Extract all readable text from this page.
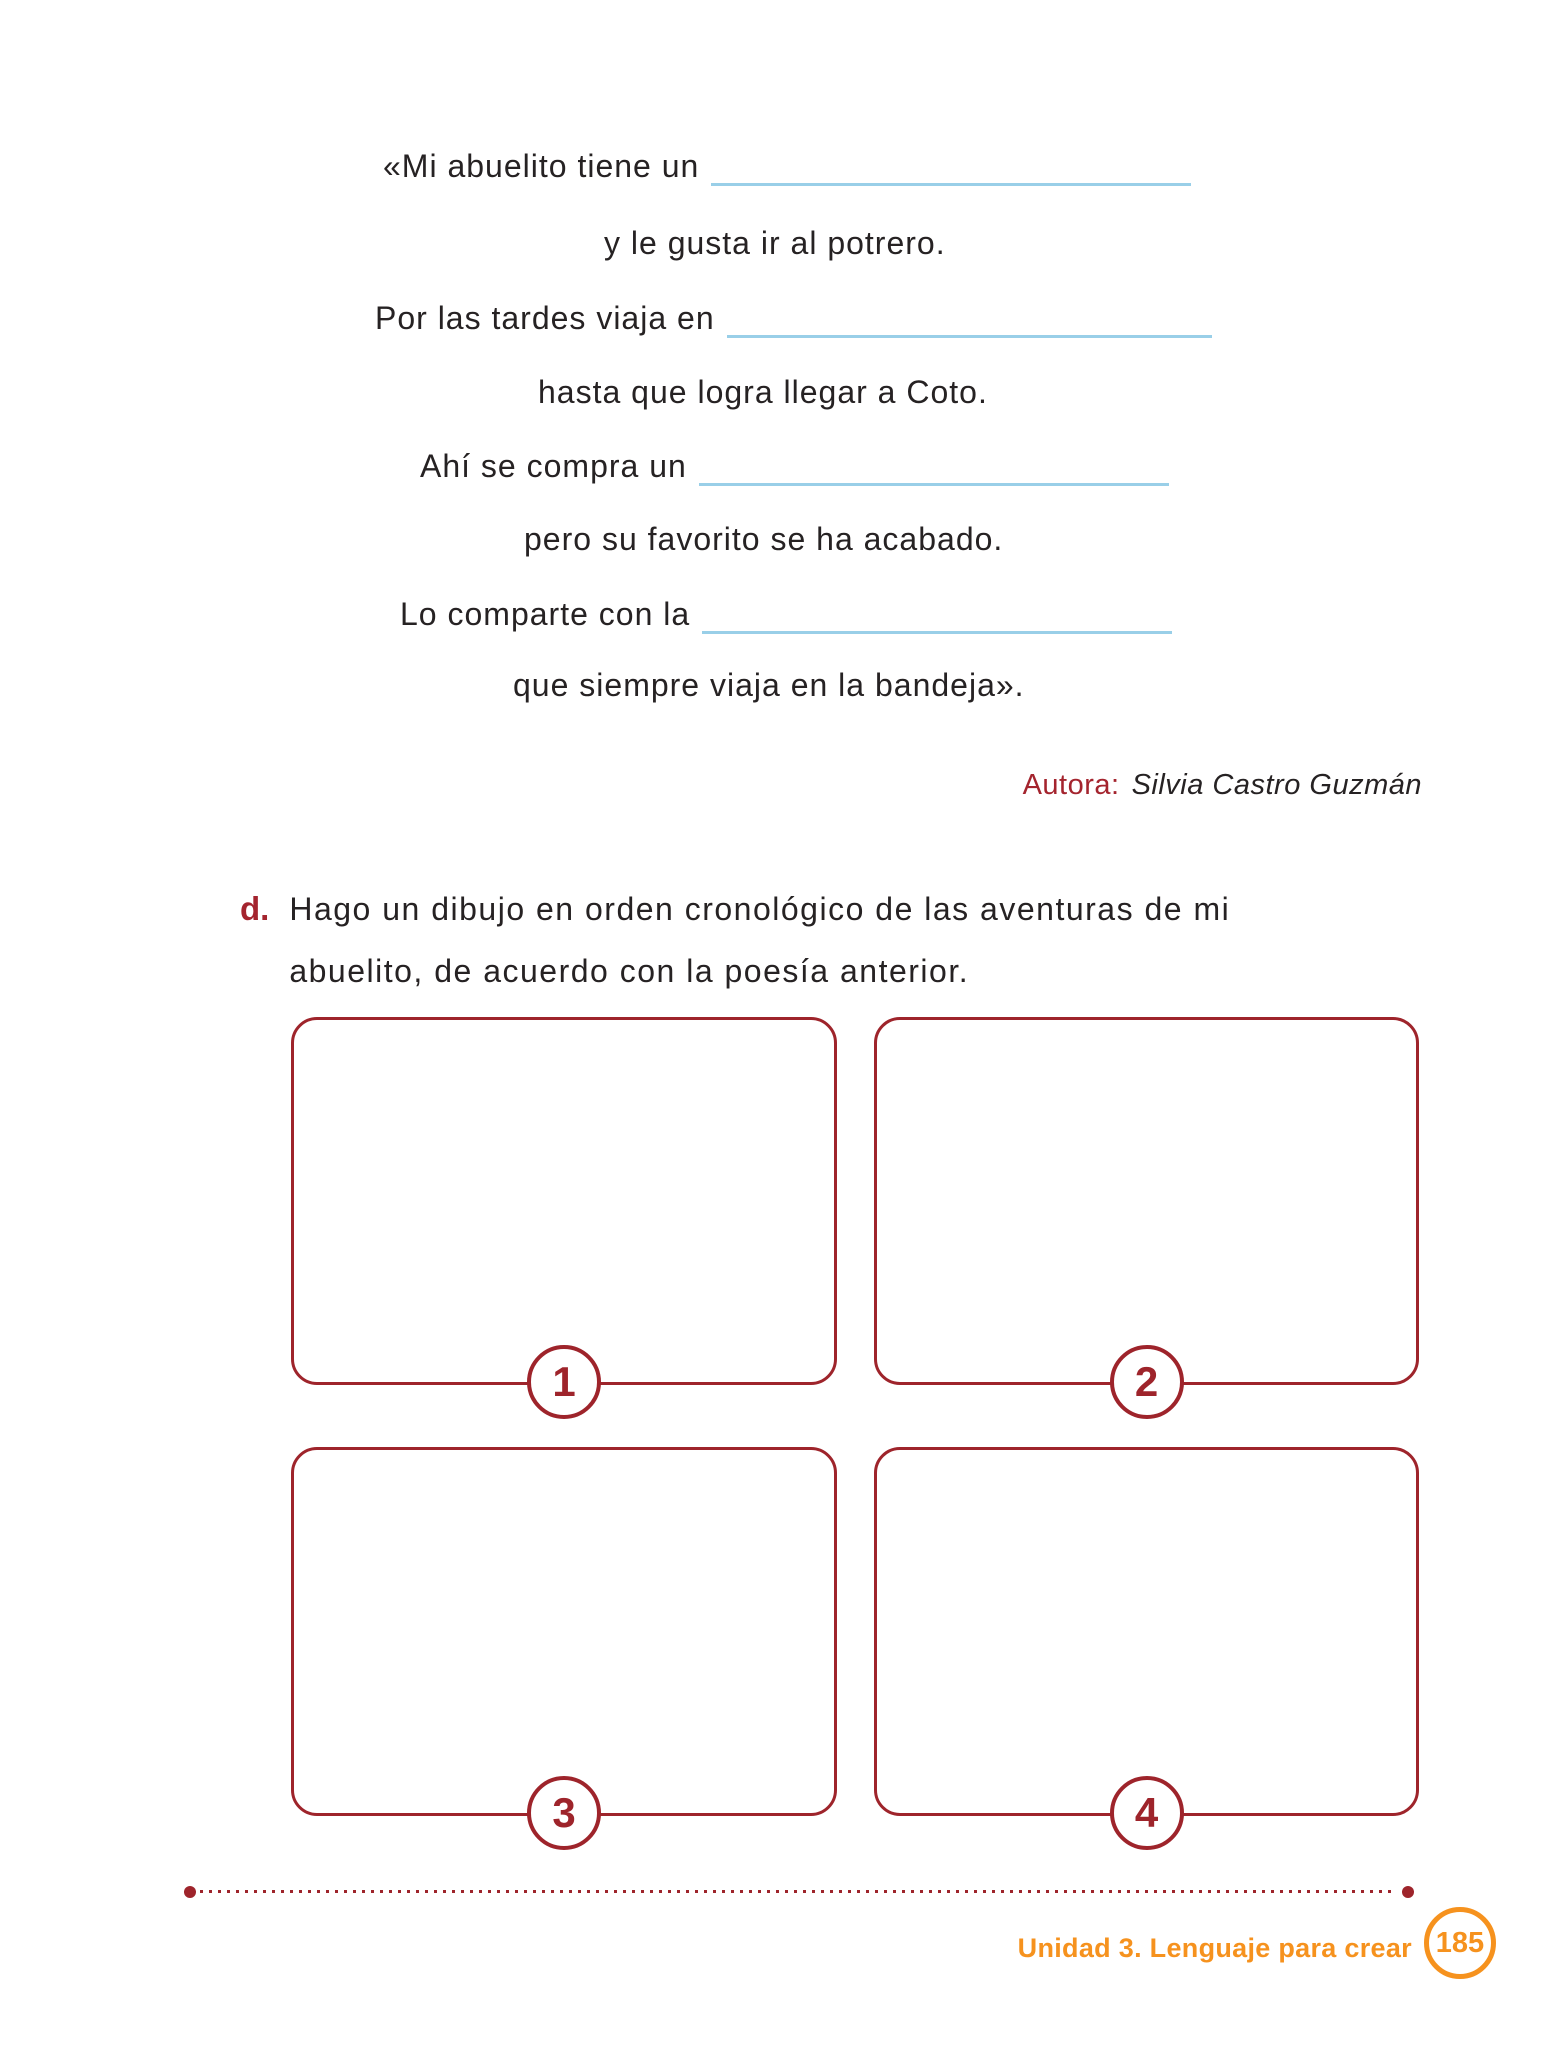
«Mi abuelito tiene un
y le gusta ir al potrero.
Por las tardes viaja en
hasta que logra llegar a Coto.
Ahí se compra un
pero su favorito se ha acabado.
Lo comparte con la
que siempre viaja en la bandeja».
Autora: Silvia Castro Guzmán
d. Hago un dibujo en orden cronológico de las aventuras de mi
abuelito, de acuerdo con la poesía anterior.
1	2
3	4
Unidad 3. Lenguaje para crear 185
